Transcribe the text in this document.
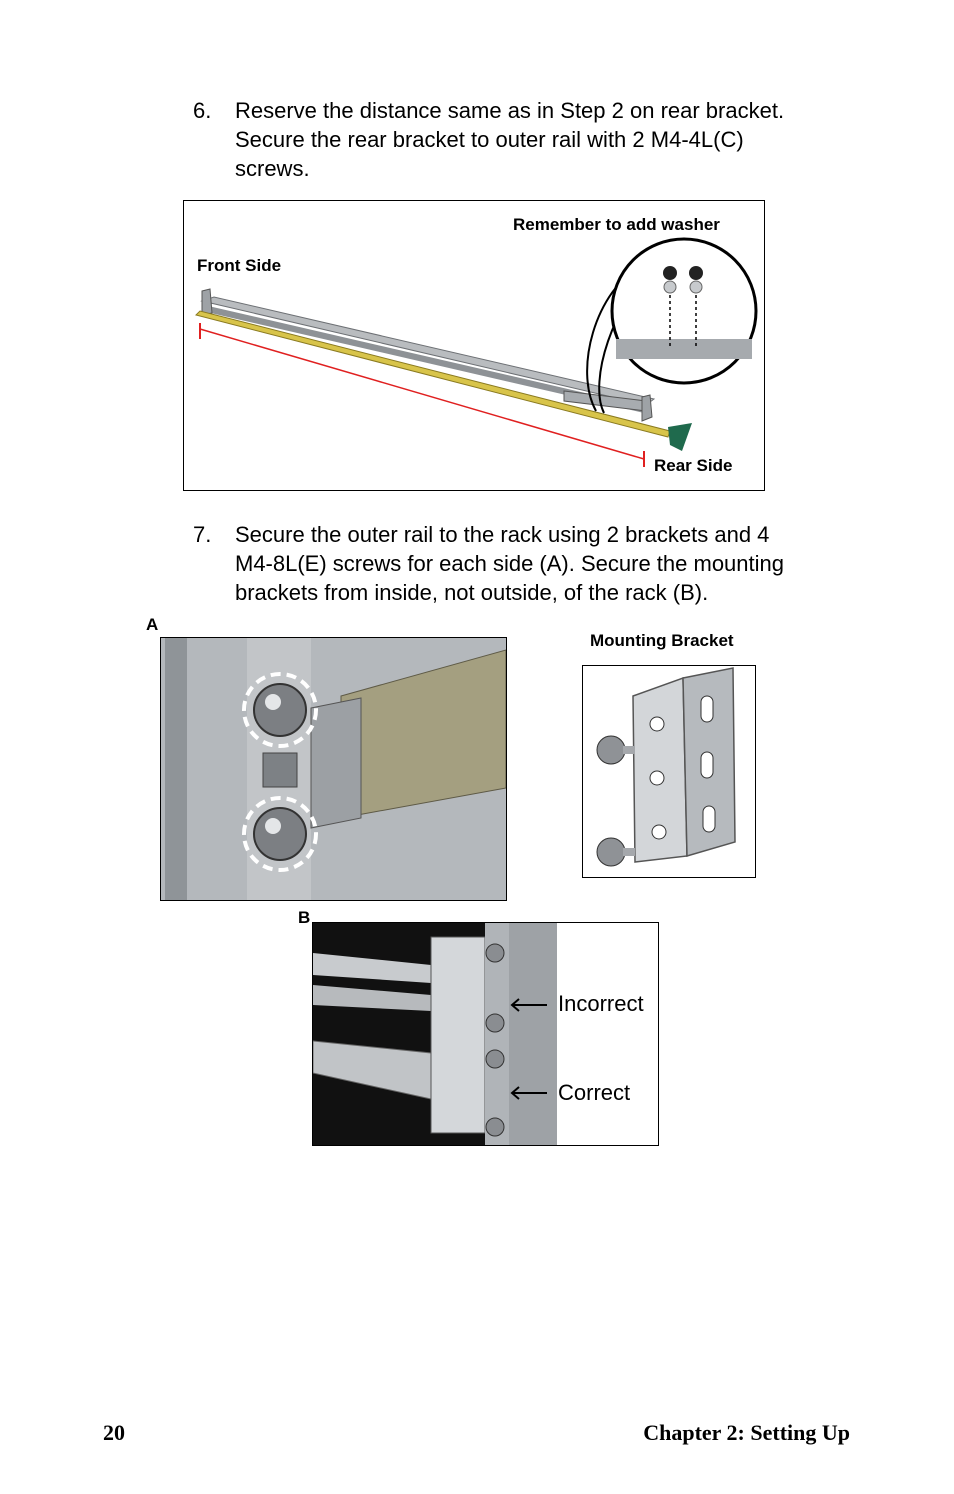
6.	Reserve the distance same as in Step 2 on rear bracket.
Secure the rear bracket to outer rail with 2 M4-4L(C)
screws.
Remember to add washer
Front Side
Rear Side
7.	Secure the outer rail to the rack using 2 brackets and 4
M4-8L(E) screws for each side (A). Secure the mounting
brackets from inside, not outside, of the rack (B).
A
Mounting Bracket
B
Incorrect
Correct
20	Chapter 2: Setting Up
